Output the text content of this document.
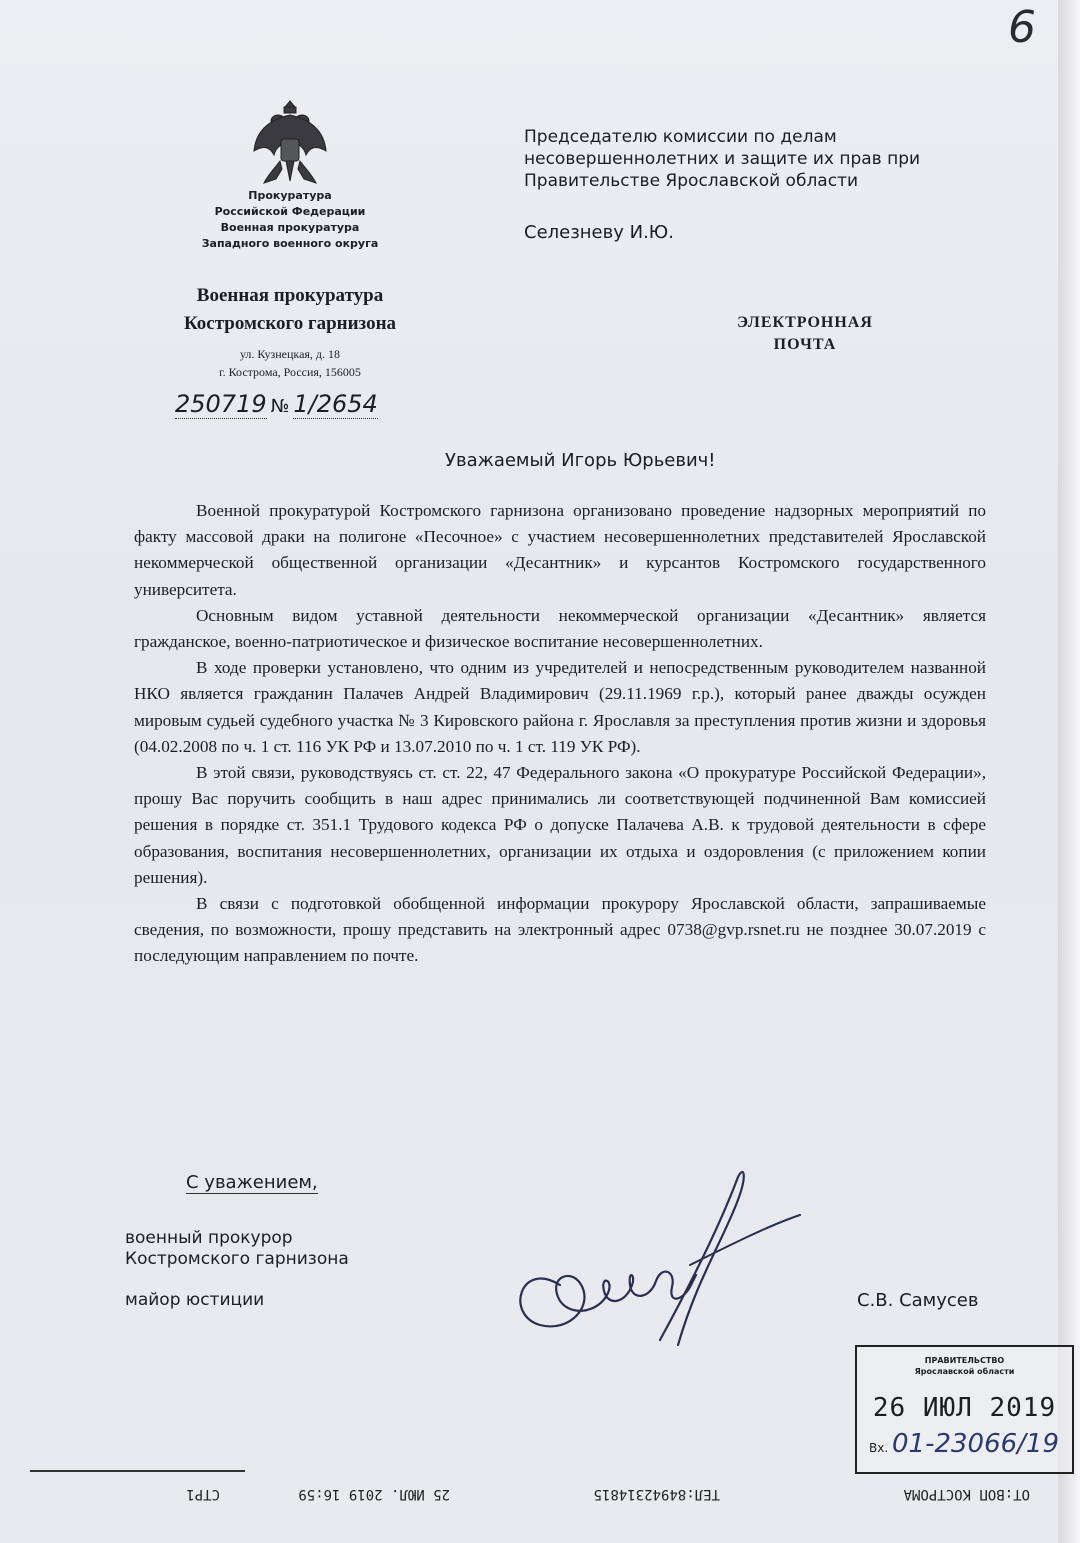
6
Прокуратура
Российской Федерации
Военная прокуратура
Западного военного округа
Военная прокуратура
Костромского гарнизона
ул. Кузнецкая, д. 18
г. Кострома, Россия, 156005
250719 № 1/2654
Председателю комиссии по делам
несовершеннолетних и защите их прав при
Правительстве Ярославской области
Селезневу И.Ю.
ЭЛЕКТРОННАЯ
ПОЧТА
Уважаемый Игорь Юрьевич!

Военной прокуратурой Костромского гарнизона организовано проведение надзорных мероприятий по факту массовой драки на полигоне «Песочное» с участием несовершеннолетних представителей Ярославской некоммерческой общественной организации «Десантник» и курсантов Костромского государственного университета.

Основным видом уставной деятельности некоммерческой организации «Десантник» является гражданское, военно-патриотическое и физическое воспитание несовершеннолетних.

В ходе проверки установлено, что одним из учредителей и непосредственным руководителем названной НКО является гражданин Палачев Андрей Владимирович (29.11.1969 г.р.), который ранее дважды осужден мировым судьей судебного участка № 3 Кировского района г. Ярославля за преступления против жизни и здоровья (04.02.2008 по ч. 1 ст. 116 УК РФ и 13.07.2010 по ч. 1 ст. 119 УК РФ).

В этой связи, руководствуясь ст. ст. 22, 47 Федерального закона «О прокуратуре Российской Федерации», прошу Вас поручить сообщить в наш адрес принимались ли соответствующей подчиненной Вам комиссией решения в порядке ст. 351.1 Трудового кодекса РФ о допуске Палачева А.В. к трудовой деятельности в сфере образования, воспитания несовершеннолетних, организации их отдыха и оздоровления (с приложением копии решения).

В связи с подготовкой обобщенной информации прокурору Ярославской области, запрашиваемые сведения, по возможности, прошу представить на электронный адрес 0738@gvp.rsnet.ru не позднее 30.07.2019 с последующим направлением по почте.

С уважением,
военный прокурор
Костромского гарнизона
майор юстиции	С.В. Самусев
ПРАВИТЕЛЬСТВО
Ярославской области
26 ИЮЛ 2019
Вх. 01-23066/19
ОТ:ВОП КОСТРОМА
ТЕЛ:84942314815
25 ИЮЛ. 2019 16:59
СТР1
